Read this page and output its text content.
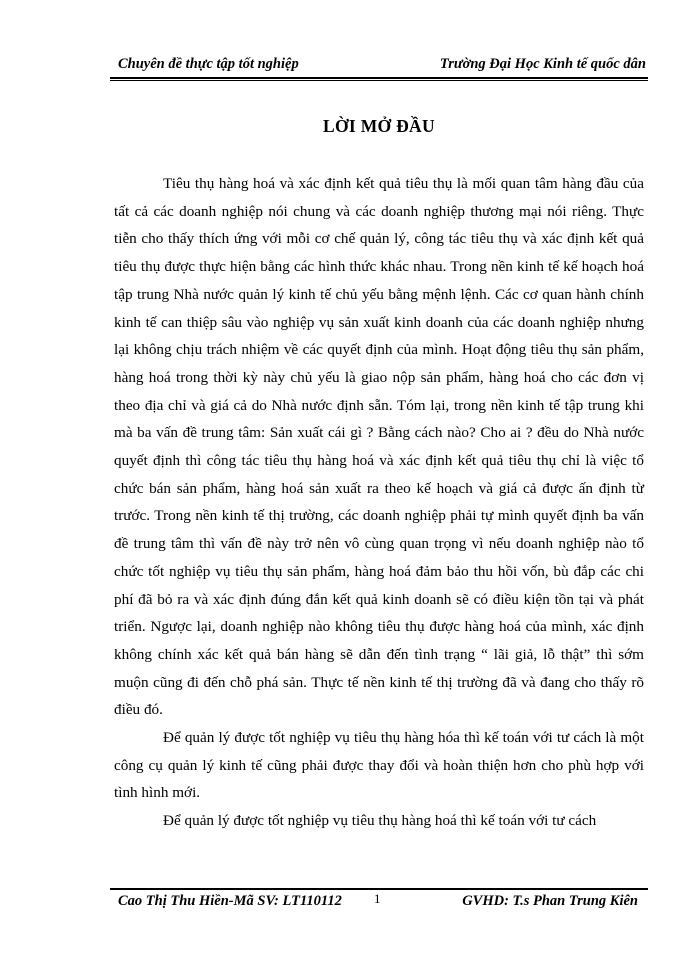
Chuyên đề thực tập tốt nghiệp	Trường Đại Học Kinh tế quốc dân
LỜI MỞ ĐẦU

Tiêu thụ hàng hoá và xác định kết quả tiêu thụ là mối quan tâm hàng đầu của tất cả các doanh nghiệp nói chung và các doanh nghiệp thương mại nói riêng. Thực tiễn cho thấy thích ứng với mỗi cơ chế quản lý, công tác tiêu thụ và xác định kết quả tiêu thụ được thực hiện bằng các hình thức khác nhau. Trong nền kinh tế kế hoạch hoá tập trung Nhà nước quản lý kinh tế chủ yếu bằng mệnh lệnh. Các cơ quan hành chính kinh tế can thiệp sâu vào nghiệp vụ sản xuất kinh doanh của các doanh nghiệp nhưng lại không chịu trách nhiệm về các quyết định của mình. Hoạt động tiêu thụ sản phẩm, hàng hoá trong thời kỳ này chủ yếu là giao nộp sản phẩm, hàng hoá cho các đơn vị theo địa chỉ và giá cả do Nhà nước định sẵn. Tóm lại, trong nền kinh tế tập trung khi mà ba vấn đề trung tâm: Sản xuất cái gì ? Bằng cách nào? Cho ai ? đều do Nhà nước quyết định thì công tác tiêu thụ hàng hoá và xác định kết quả tiêu thụ chỉ là việc tổ chức bán sản phẩm, hàng hoá sản xuất ra theo kế hoạch và giá cả được ấn định từ trước. Trong nền kinh tế thị trường, các doanh nghiệp phải tự mình quyết định ba vấn đề trung tâm thì vấn đề này trở nên vô cùng quan trọng vì nếu doanh nghiệp nào tổ chức tốt nghiệp vụ tiêu thụ sản phẩm, hàng hoá đảm bảo thu hồi vốn, bù đắp các chi phí đã bỏ ra và xác định đúng đắn kết quả kinh doanh sẽ có điều kiện tồn tại và phát triển. Ngược lại, doanh nghiệp nào không tiêu thụ được hàng hoá của mình, xác định không chính xác kết quả bán hàng sẽ dẫn đến tình trạng “ lãi giả, lỗ thật” thì sớm muộn cũng đi đến chỗ phá sản. Thực tế nền kinh tế thị trường đã và đang cho thấy rõ điều đó.

Để quản lý được tốt nghiệp vụ tiêu thụ hàng hóa thì kế toán với tư cách là một công cụ quản lý kinh tế cũng phải được thay đổi và hoàn thiện hơn cho phù hợp với tình hình mới.

Để quản lý được tốt nghiệp vụ tiêu thụ hàng hoá thì kế toán với tư cách

Cao Thị Thu Hiền-Mã SV: LT110112 1	GVHD: T.s Phan Trung Kiên
